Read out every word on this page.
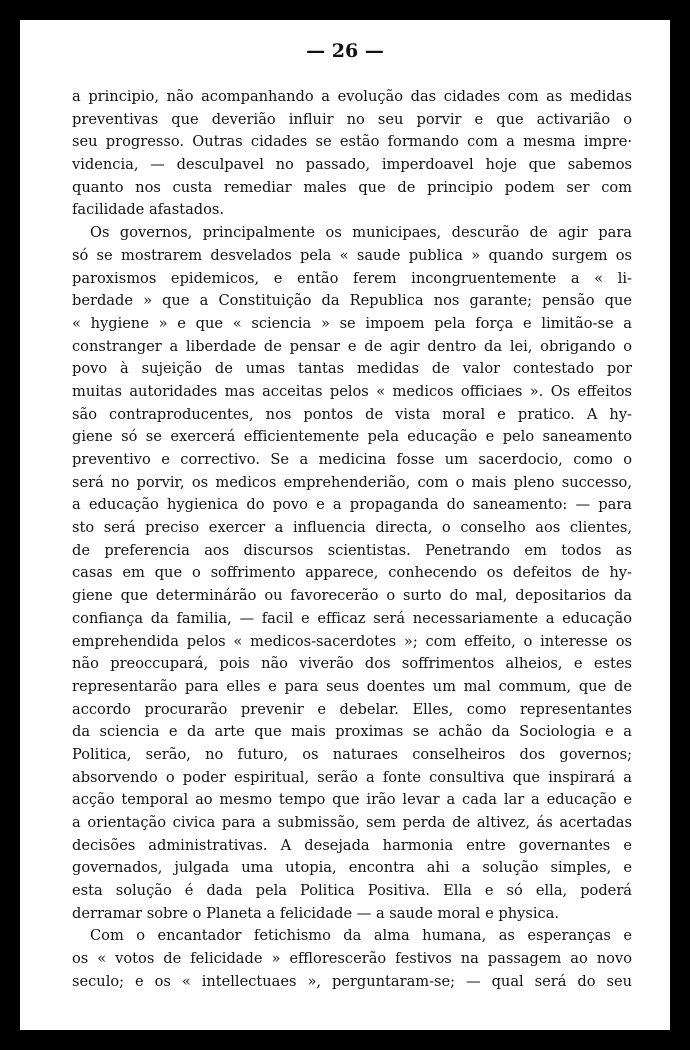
— 26 —
a principio, não acompanhando a evolução das cidades com as medidas
preventivas que deverião influir no seu porvir e que activarião o
seu progresso. Outras cidades se estão formando com a mesma impre·
videncia, — desculpavel no passado, imperdoavel hoje que sabemos
quanto nos custa remediar males que de principio podem ser com
facilidade afastados.
Os governos, principalmente os municipaes, descurão de agir para
só se mostrarem desvelados pela « saude publica » quando surgem os
paroxismos epidemicos, e então ferem incongruentemente a « li-
berdade » que a Constituição da Republica nos garante; pensão que
« hygiene » e que « sciencia » se impoem pela força e limitão-se a
constranger a liberdade de pensar e de agir dentro da lei, obrigando o
povo à sujeição de umas tantas medidas de valor contestado por
muitas autoridades mas acceitas pelos « medicos officiaes ». Os effeitos
são contraproducentes, nos pontos de vista moral e pratico. A hy-
giene só se exercerá efficientemente pela educação e pelo saneamento
preventivo e correctivo. Se a medicina fosse um sacerdocio, como o
será no porvir, os medicos emprehenderião, com o mais pleno successo,
a educação hygienica do povo e a propaganda do saneamento: — para
sto será preciso exercer a influencia directa, o conselho aos clientes,
de preferencia aos discursos scientistas. Penetrando em todos as
casas em que o soffrimento apparece, conhecendo os defeitos de hy-
giene que determinárão ou favorecerão o surto do mal, depositarios da
confiança da familia, — facil e efficaz será necessariamente a educação
emprehendida pelos « medicos-sacerdotes »; com effeito, o interesse os
não preoccupará, pois não viverão dos soffrimentos alheios, e estes
representarão para elles e para seus doentes um mal commum, que de
accordo procurarão prevenir e debelar. Elles, como representantes
da sciencia e da arte que mais proximas se achão da Sociologia e a
Politica, serão, no futuro, os naturaes conselheiros dos governos;
absorvendo o poder espiritual, serão a fonte consultiva que inspirará a
acção temporal ao mesmo tempo que irão levar a cada lar a educação e
a orientação civica para a submissão, sem perda de altivez, ás acertadas
decisões administrativas. A desejada harmonia entre governantes e
governados, julgada uma utopia, encontra ahi a solução simples, e
esta solução é dada pela Politica Positiva. Ella e só ella, poderá
derramar sobre o Planeta a felicidade — a saude moral e physica.
Com o encantador fetichismo da alma humana, as esperanças e
os « votos de felicidade » efflorescerão festivos na passagem ao novo
seculo; e os « intellectuaes », perguntaram-se; — qual será do seu
